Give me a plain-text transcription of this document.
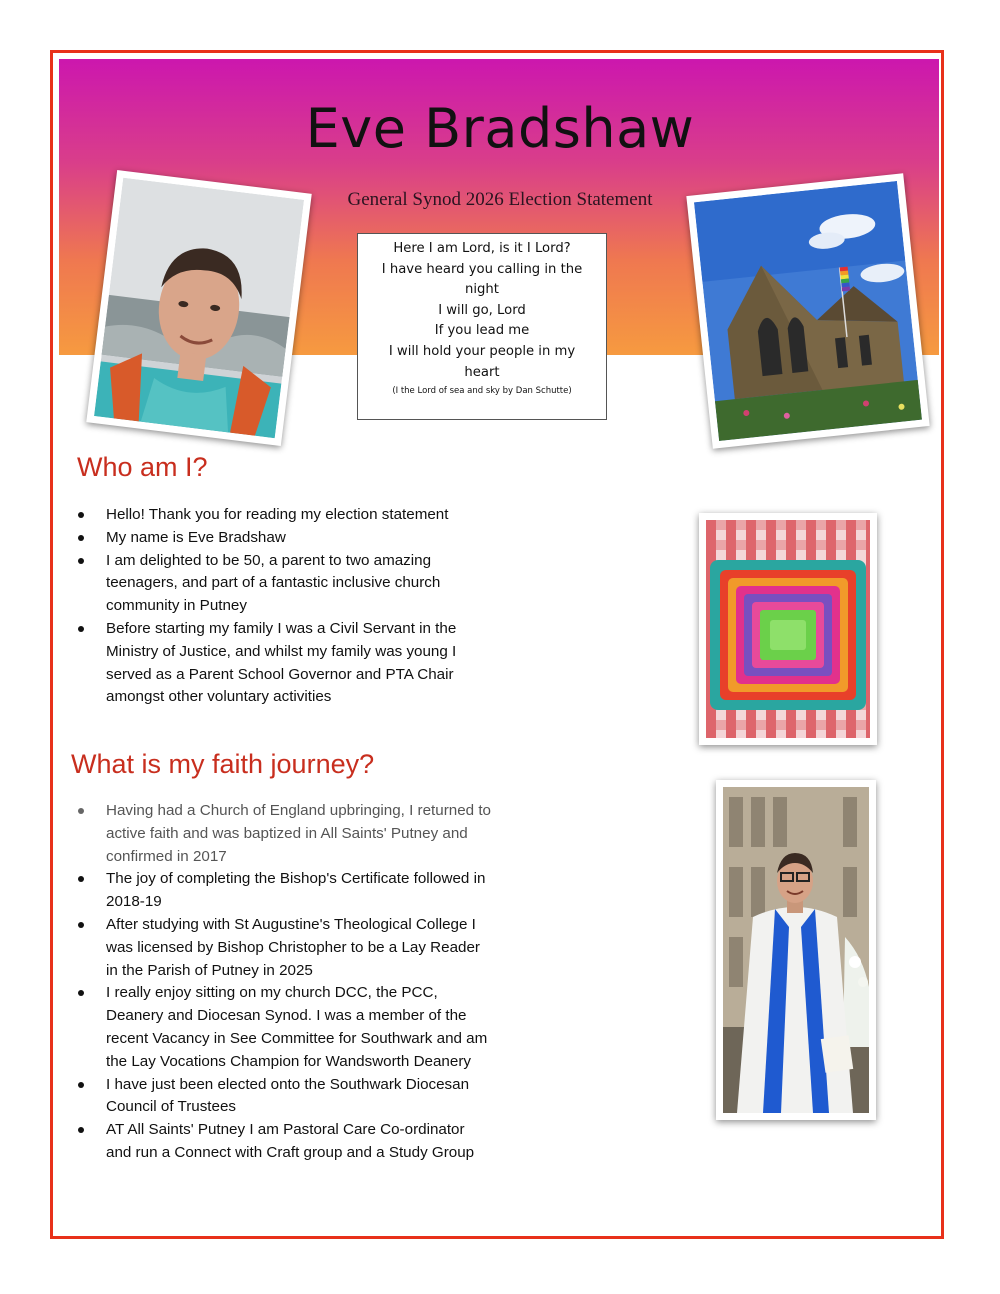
Eve Bradshaw
General Synod 2026 Election Statement
Here I am Lord, is it I Lord?
I have heard you calling in the
night
I will go, Lord
If you lead me
I will hold your people in my
heart
(I the Lord of sea and sky by Dan Schutte)
Who am I?
Hello! Thank you for reading my election statement
My name is Eve Bradshaw
I am delighted to be 50, a parent to two amazing
teenagers, and part of a fantastic inclusive church
community in Putney
Before starting my family I was a Civil Servant in the
Ministry of Justice, and whilst my family was young I
served as a Parent School Governor and PTA Chair
amongst other voluntary activities
What is my faith journey?
Having had a Church of England upbringing, I returned to
active faith and was baptized in All Saints' Putney and
confirmed in 2017
The joy of completing the Bishop's Certificate followed in
2018-19
After studying with St Augustine's Theological College I
was licensed by Bishop Christopher to be a Lay Reader
in the Parish of Putney in 2025
I really enjoy sitting on my church DCC, the PCC,
Deanery and Diocesan Synod. I was a member of the
recent Vacancy in See Committee for Southwark and am
the Lay Vocations Champion for Wandsworth Deanery
I have just been elected onto the Southwark Diocesan
Council of Trustees
AT All Saints' Putney I am Pastoral Care Co-ordinator
and run a Connect with Craft group and a Study Group
